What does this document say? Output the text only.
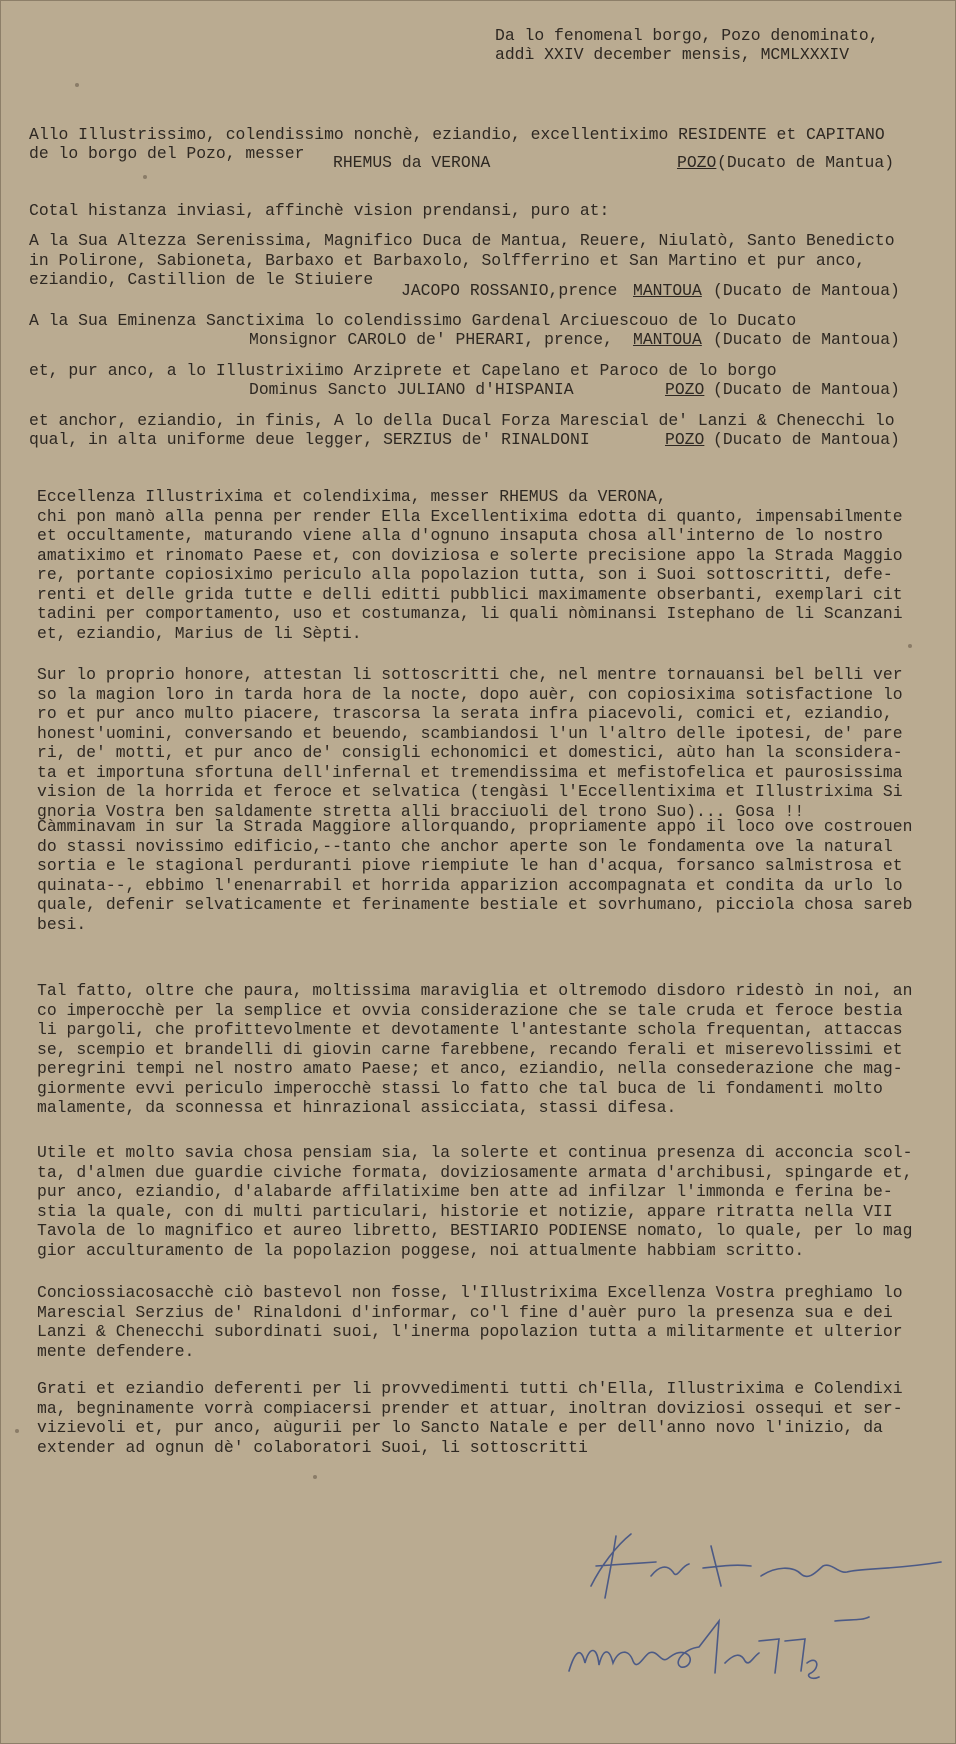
Da lo fenomenal borgo, Pozo denominato,
addì XXIV december mensis, MCMLXXXIV
Allo Illustrissimo, colendissimo nonchè, eziandio, excellentiximo RESIDENTE et CAPITANO
de lo borgo del Pozo, messer RHEMUS da VERONA	POZO (Ducato de Mantua)
Cotal histanza inviasi, affinchè vision prendansi, puro at:
A la Sua Altezza Serenissima, Magnifico Duca de Mantua, Reuere, Niulatò, Santo Benedicto
in Polirone, Sabioneta, Barbaxo et Barbaxolo, Solfferrino et San Martino et pur anco,
eziandio, Castillion de le Stiuiere
JACOPO ROSSANIO,prence MANTOUA (Ducato de Mantoua)
A la Sua Eminenza Sanctixima lo colendissimo Gardenal Arciuescouo de lo Ducato
Monsignor CAROLO de' PHERARI, prence, MANTOUA (Ducato de Mantoua)
et, pur anco, a lo Illustrixiimo Arziprete et Capelano et Paroco de lo borgo
Dominus Sancto JULIANO d'HISPANIA	POZO (Ducato de Mantoua)
et anchor, eziandio, in finis, A lo della Ducal Forza Marescial de' Lanzi & Chenecchi lo
qual, in alta uniforme deue legger, SERZIUS de' RINALDONI	POZO (Ducato de Mantoua)
Eccellenza Illustrixima et colendixima, messer RHEMUS da VERONA,
chi pon manò alla penna per render Ella Excellentixima edotta di quanto, impensabilmente
et occultamente, maturando viene alla d'ognuno insaputa chosa all'interno de lo nostro
amatiximo et rinomato Paese et, con doviziosa e solerte precisione appo la Strada Maggio
re, portante copiosiximo periculo alla popolazion tutta, son i Suoi sottoscritti, defe-
renti et delle grida tutte e delli editti pubblici maximamente obserbanti, exemplari cit
tadini per comportamento, uso et costumanza, li quali nòminansi Istephano de li Scanzani
et, eziandio, Marius de li Sèpti.
Sur lo proprio honore, attestan li sottoscritti che, nel mentre tornauansi bel belli ver
so la magion loro in tarda hora de la nocte, dopo auèr, con copiosixima sotisfactione lo
ro et pur anco multo piacere, trascorsa la serata infra piacevoli, comici et, eziandio,
honest'uomini, conversando et beuendo, scambiandosi l'un l'altro delle ipotesi, de' pare
ri, de' motti, et pur anco de' consigli echonomici et domestici, aùto han la sconsidera-
ta et importuna sfortuna dell'infernal et tremendissima et mefistofelica et paurosissima
vision de la horrida et feroce et selvatica (tengàsi l'Eccellentixima et Illustrixima Si
gnoria Vostra ben saldamente stretta alli bracciuoli del trono Suo)... Gosa !!
Càmminavam in sur la Strada Maggiore allorquando, propriamente appo il loco ove costrouen
do stassi novissimo edificio,--tanto che anchor aperte son le fondamenta ove la natural
sortia e le stagional perduranti piove riempiute le han d'acqua, forsanco salmistrosa et
quinata--, ebbimo l'enenarrabil et horrida apparizion accompagnata et condita da urlo lo
quale, defenir selvaticamente et ferinamente bestiale et sovrhumano, picciola chosa sareb
besi.
Tal fatto, oltre che paura, moltissima maraviglia et oltremodo disdoro ridestò in noi, an
co imperocchè per la semplice et ovvia considerazione che se tale cruda et feroce bestia
li pargoli, che profittevolmente et devotamente l'antestante schola frequentan, attaccas
se, scempio et brandelli di giovin carne farebbene, recando ferali et miserevolissimi et
peregrini tempi nel nostro amato Paese; et anco, eziandio, nella consederazione che mag-
giormente evvi periculo imperocchè stassi lo fatto che tal buca de li fondamenti molto
malamente, da sconnessa et hinrazional assicciata, stassi difesa.
Utile et molto savia chosa pensiam sia, la solerte et continua presenza di acconcia scol-
ta, d'almen due guardie civiche formata, doviziosamente armata d'archibusi, spingarde et,
pur anco, eziandio, d'alabarde affilatixime ben atte ad infilzar l'immonda e ferina be-
stia la quale, con di multi particulari, historie et notizie, appare ritratta nella VII
Tavola de lo magnifico et aureo libretto, BESTIARIO PODIENSE nomato, lo quale, per lo mag
gior acculturamento de la popolazion poggese, noi attualmente habbiam scritto.
Conciossiacosacchè ciò bastevol non fosse, l'Illustrixima Excellenza Vostra preghiamo lo
Marescial Serzius de' Rinaldoni d'informar, co'l fine d'auèr puro la presenza sua e dei
Lanzi & Chenecchi subordinati suoi, l'inerma popolazion tutta a militarmente et ulterior
mente defendere.
Grati et eziandio deferenti per li provvedimenti tutti ch'Ella, Illustrixima e Colendixi
ma, begninamente vorrà compiacersi prender et attuar, inoltran doviziosi ossequi et ser-
vizievoli et, pur anco, aùgurii per lo Sancto Natale e per dell'anno novo l'inizio, da
extender ad ognun dè' colaboratori Suoi, li sottoscritti
